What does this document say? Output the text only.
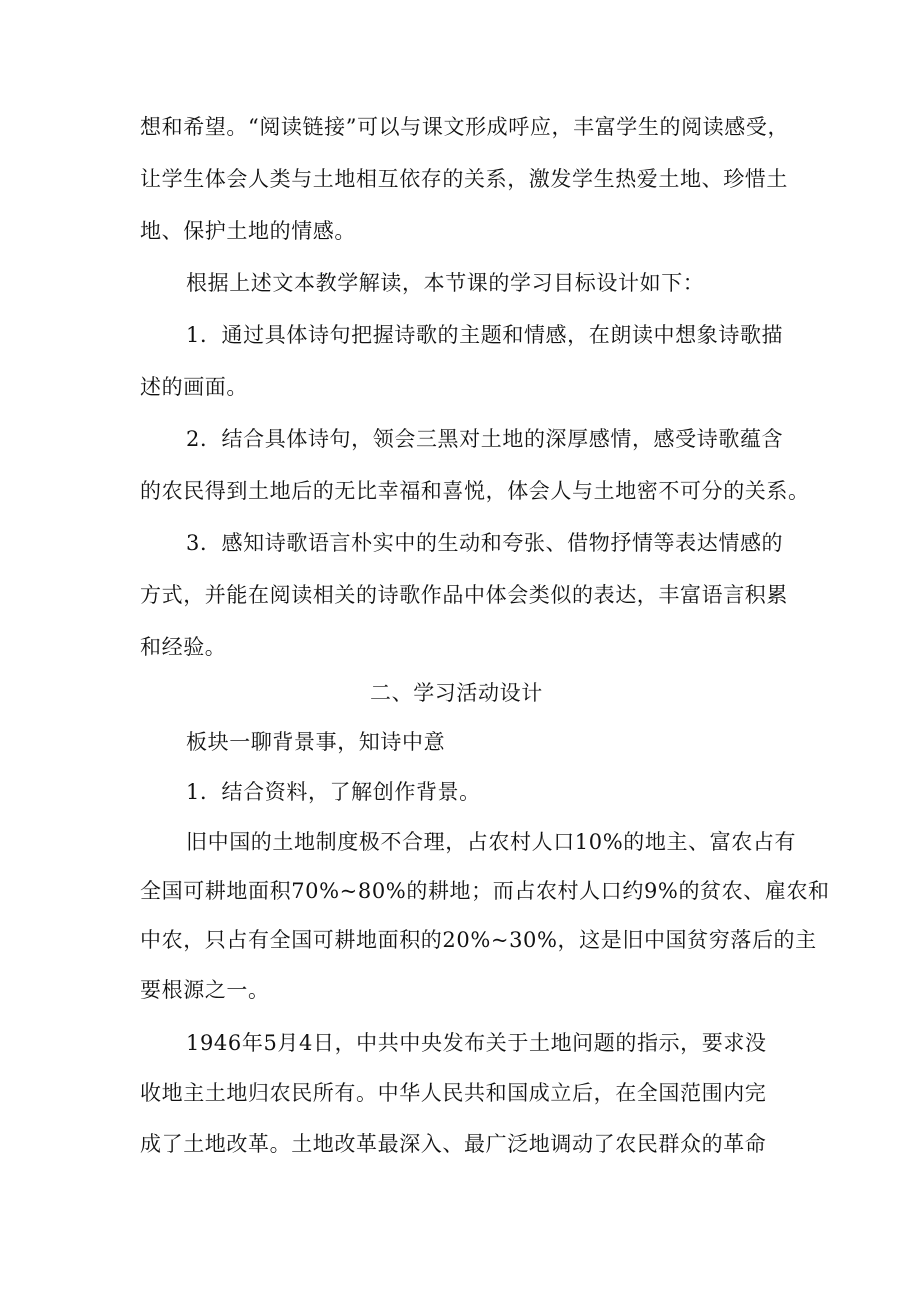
想和希望。“阅读链接”可以与课文形成呼应，丰富学生的阅读感受，
让学生体会人类与土地相互依存的关系，激发学生热爱土地、珍惜土
地、保护土地的情感。
根据上述文本教学解读，本节课的学习目标设计如下：
1．通过具体诗句把握诗歌的主题和情感，在朗读中想象诗歌描
述的画面。
2．结合具体诗句，领会三黑对土地的深厚感情，感受诗歌蕴含
的农民得到土地后的无比幸福和喜悦，体会人与土地密不可分的关系。
3．感知诗歌语言朴实中的生动和夸张、借物抒情等表达情感的
方式，并能在阅读相关的诗歌作品中体会类似的表达，丰富语言积累
和经验。
二、学习活动设计
板块一聊背景事，知诗中意
1．结合资料，了解创作背景。
旧中国的土地制度极不合理，占农村人口10%的地主、富农占有
全国可耕地面积70%~80%的耕地；而占农村人口约9%的贫农、雇农和
中农，只占有全国可耕地面积的20%~30%，这是旧中国贫穷落后的主
要根源之一。
1946年5月4日，中共中央发布关于土地问题的指示，要求没
收地主土地归农民所有。中华人民共和国成立后，在全国范围内完
成了土地改革。土地改革最深入、最广泛地调动了农民群众的革命
